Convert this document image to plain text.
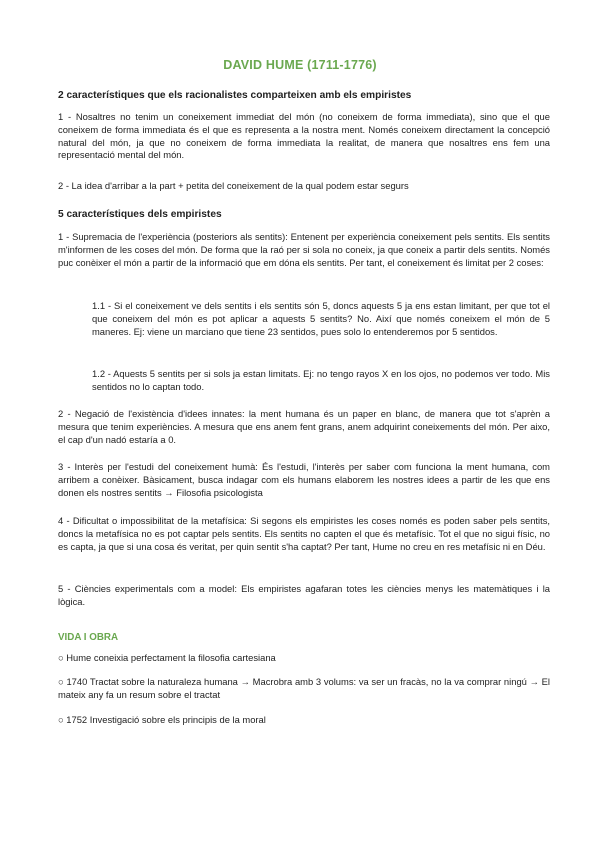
DAVID HUME (1711-1776)
2 característiques que els racionalistes comparteixen amb els empiristes

1 - Nosaltres no tenim un coneixement immediat del món (no coneixem de forma immediata), sino que el que coneixem de forma immediata és el que es representa a la nostra ment. Només coneixem directament la concepció natural del món, ja que no coneixem de forma immediata la realitat, de manera que nosaltres ens fem una representació mental del món.

2 - La idea d'arribar a la part + petita del coneixement de la qual podem estar segurs

5 característiques dels empiristes

1 - Supremacia de l'experiència (posteriors als sentits): Entenent per experiència coneixement pels sentits. Els sentits m'informen de les coses del món. De forma que la raó per si sola no coneix, ja que coneix a partir dels sentits. Només puc conèixer el món a partir de la informació que em dóna els sentits. Per tant, el coneixement és limitat per 2 coses:

1.1 - Si el coneixement ve dels sentits i els sentits són 5, doncs aquests 5 ja ens estan limitant, per que tot el que coneixem del món es pot aplicar a aquests 5 sentits? No. Així que només coneixem el món de 5 maneres. Ej: viene un marciano que tiene 23 sentidos, pues solo lo entenderemos por 5 sentidos.

1.2 - Aquests 5 sentits per si sols ja estan limitats. Ej: no tengo rayos X en los ojos, no podemos ver todo. Mis sentidos no lo captan todo.

2 - Negació de l'existència d'idees innates: la ment humana és un paper en blanc, de manera que tot s'aprèn a mesura que tenim experiències. A mesura que ens anem fent grans, anem adquirint coneixements del món. Per aixo, el cap d'un nadó estaría a 0.

3 - Interès per l'estudi del coneixement humà: És l'estudi, l'interès per saber com funciona la ment humana, com arribem a conèixer. Bàsicament, busca indagar com els humans elaborem les nostres idees a partir de les que ens donen els nostres sentits → Filosofia psicologista

4 - Dificultat o impossibilitat de la metafísica: Si segons els empiristes les coses només es poden saber pels sentits, doncs la metafísica no es pot captar pels sentits. Els sentits no capten el que és metafísic. Tot el que no sigui físic, no es capta, ja que si una cosa és veritat, per quin sentit s'ha captat? Per tant, Hume no creu en res metafísic ni en Déu.

5 - Ciències experimentals com a model: Els empiristes agafaran totes les ciències menys les matemàtiques i la lògica.

VIDA I OBRA

○ Hume coneixia perfectament la filosofia cartesiana

○ 1740 Tractat sobre la naturaleza humana → Macrobra amb 3 volums: va ser un fracàs, no la va comprar ningú → El mateix any fa un resum sobre el tractat

○ 1752 Investigació sobre els principis de la moral
